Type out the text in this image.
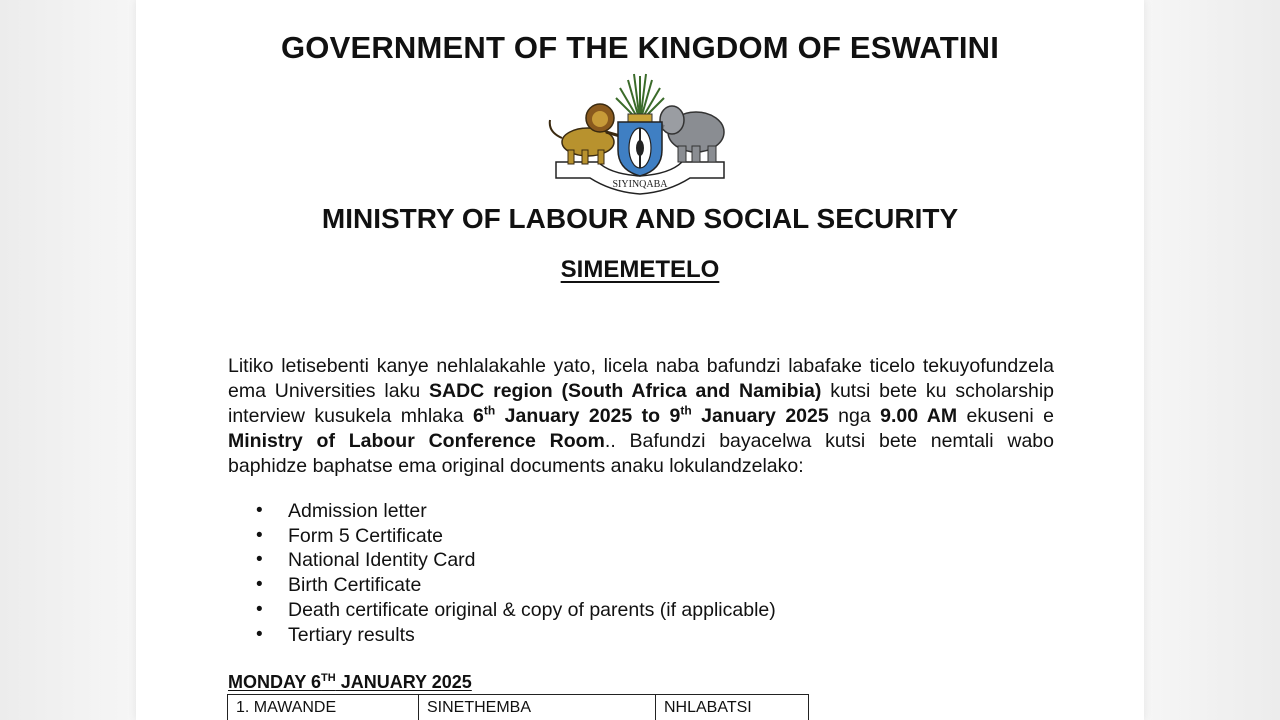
GOVERNMENT OF THE KINGDOM OF ESWATINI
SIYINQABA
MINISTRY OF LABOUR AND SOCIAL SECURITY
SIMEMETELO
Litiko letisebenti kanye nehlalakahle yato, licela naba bafundzi labafake ticelo tekuyofundzela ema Universities laku SADC region (South Africa and Namibia) kutsi bete ku scholarship interview kusukela mhlaka 6th January 2025 to 9th January 2025 nga 9.00 AM ekuseni e Ministry of Labour Conference Room.. Bafundzi bayacelwa kutsi bete nemtali wabo baphidze baphatse ema original documents anaku lokulandzelako:
• Admission letter
• Form 5 Certificate
• National Identity Card
• Birth Certificate
• Death certificate original & copy of parents (if applicable)
• Tertiary results
MONDAY 6TH JANUARY 2025
1. MAWANDE	SINETHEMBA	NHLABATSI
